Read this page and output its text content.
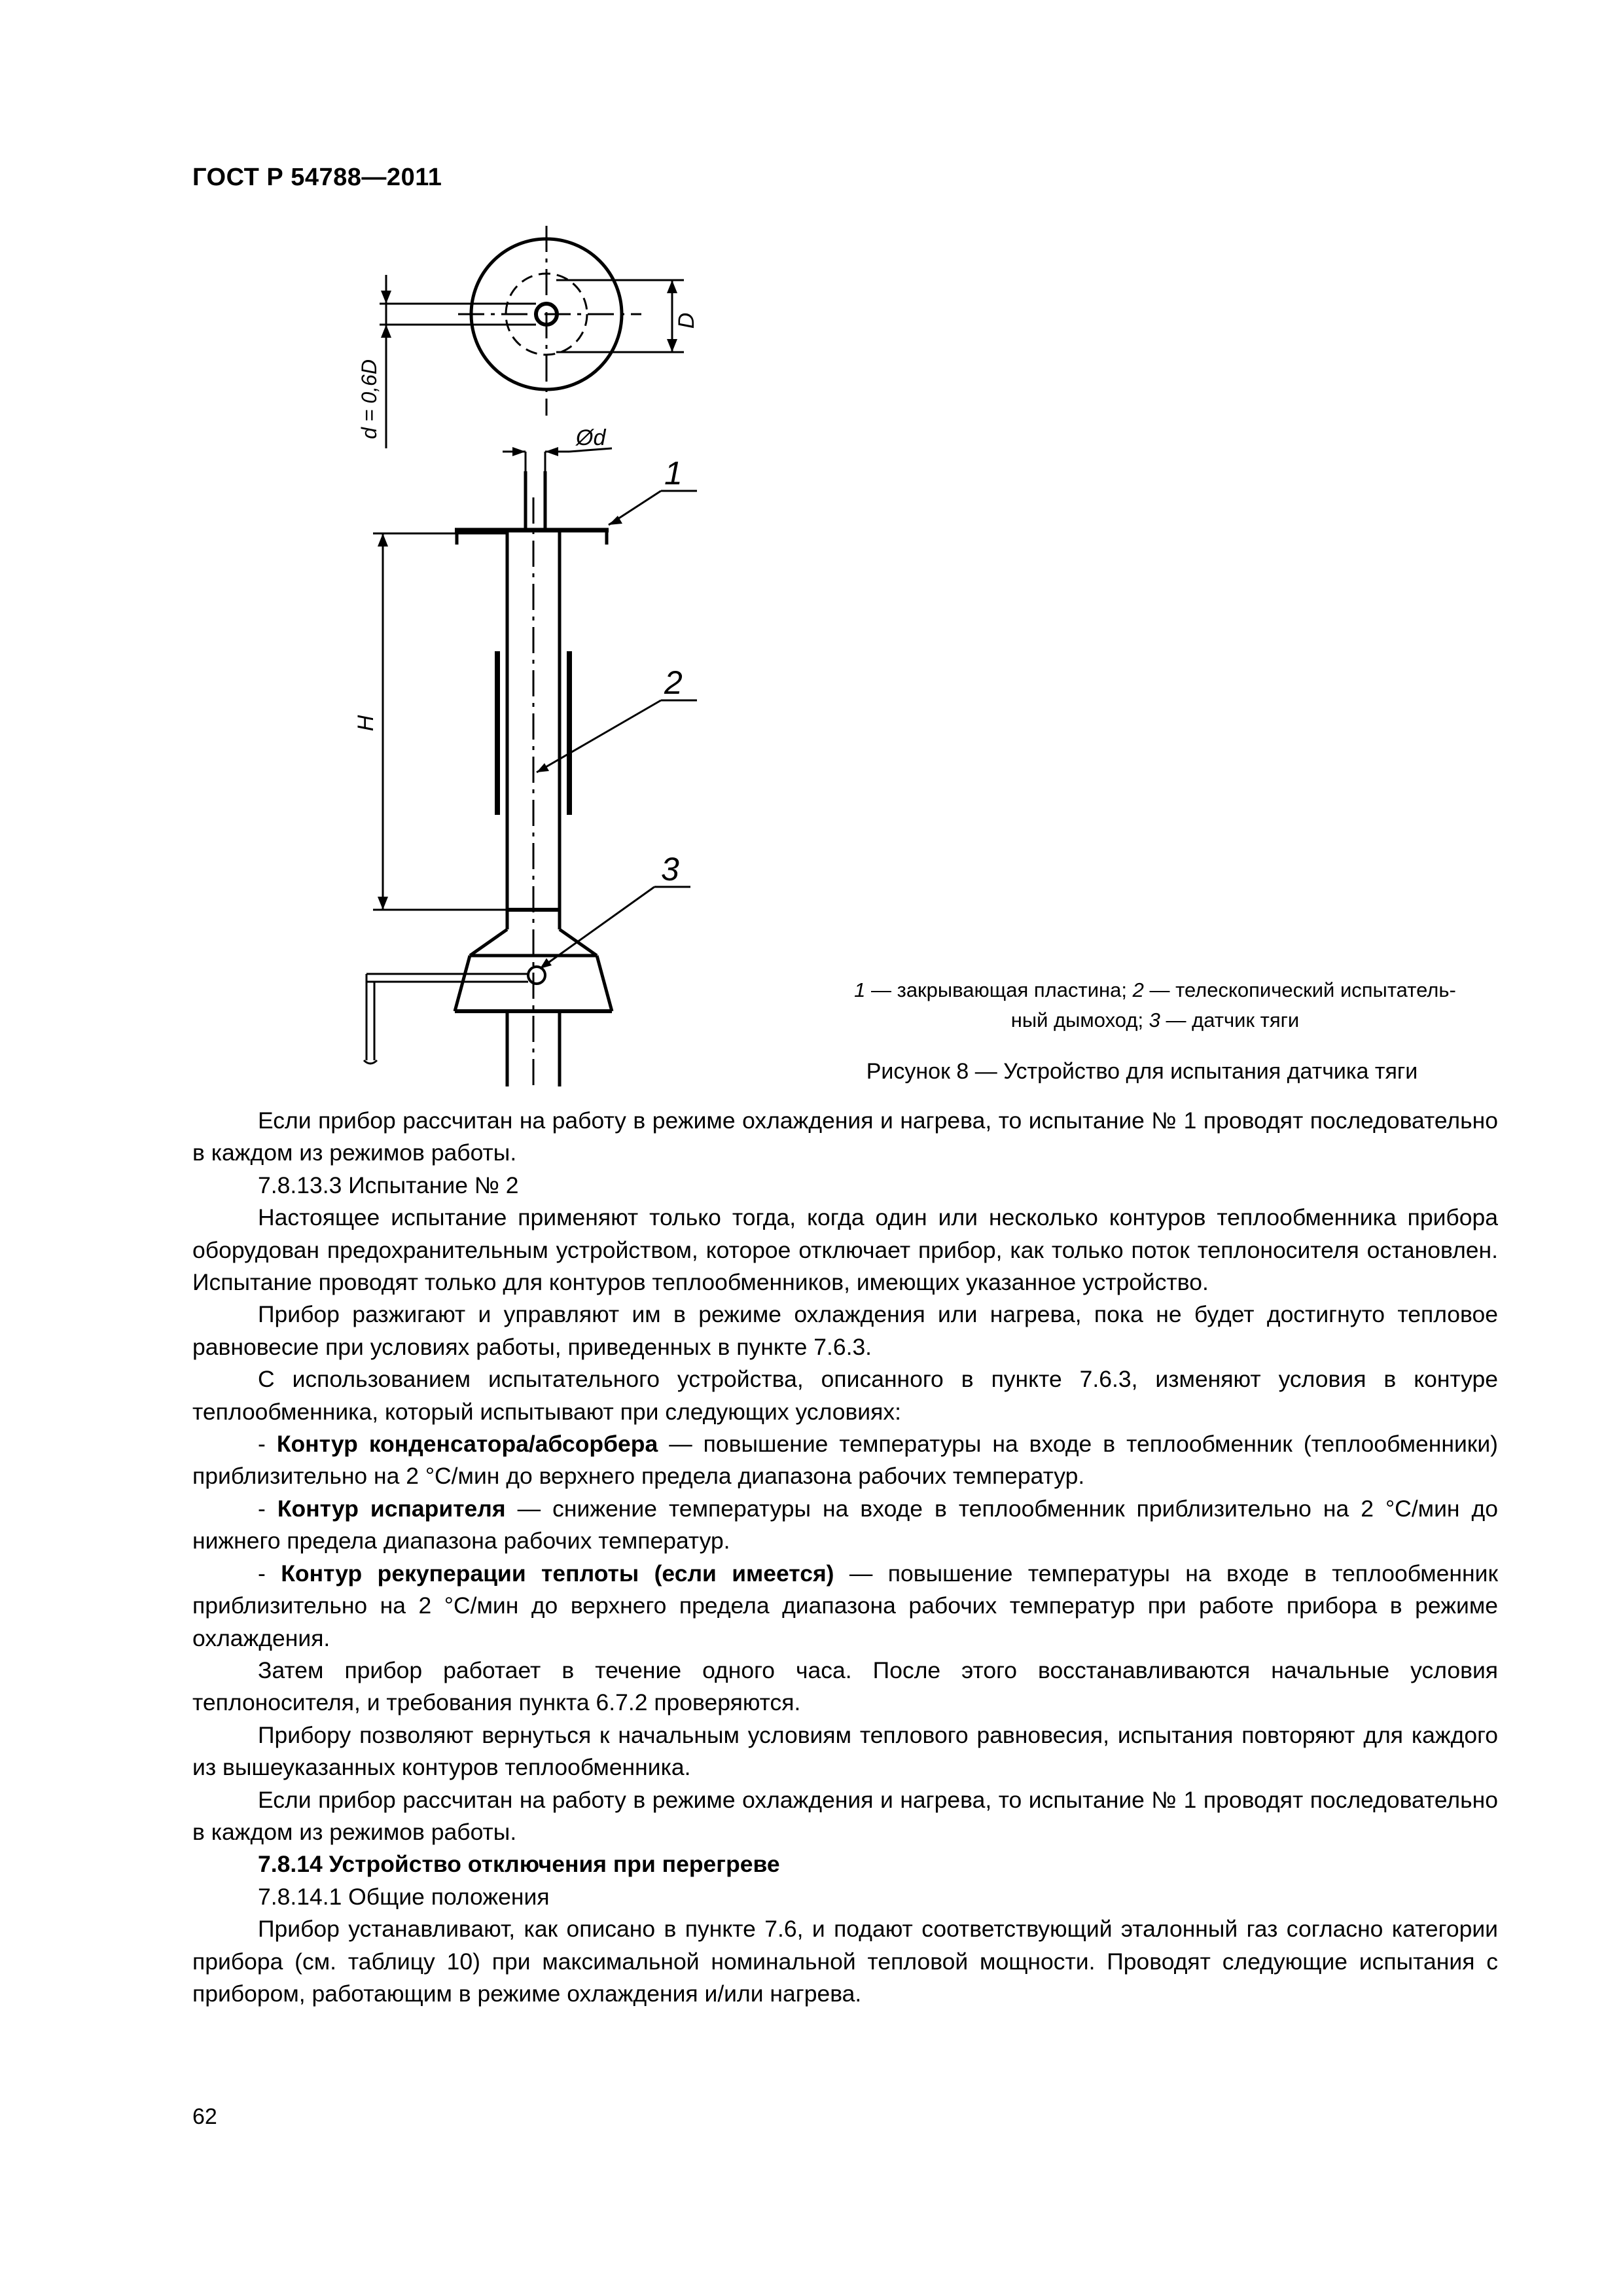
ГОСТ Р 54788—2011
d = 0,6D
D
Ød
H
1
2
3
1 — закрывающая пластина; 2 — телескопический испытатель-
ный дымоход; 3 — датчик тяги
Рисунок 8 — Устройство для испытания датчика тяги

Если прибор рассчитан на работу в режиме охлаждения и нагрева, то испытание № 1 проводят последовательно в каждом из режимов работы.

7.8.13.3 Испытание № 2

Настоящее испытание применяют только тогда, когда один или несколько контуров теплообменника прибора оборудован предохранительным устройством, которое отключает прибор, как только поток теплоносителя остановлен. Испытание проводят только для контуров теплообменников, имеющих указанное устройство.

Прибор разжигают и управляют им в режиме охлаждения или нагрева, пока не будет достигнуто тепловое равновесие при условиях работы, приведенных в пункте 7.6.3.

С использованием испытательного устройства, описанного в пункте 7.6.3, изменяют условия в контуре теплообменника, который испытывают при следующих условиях:

- Контур конденсатора/абсорбера — повышение температуры на входе в теплообменник (теплообменники) приблизительно на 2 °С/мин до верхнего предела диапазона рабочих температур.

- Контур испарителя — снижение температуры на входе в теплообменник приблизительно на 2 °С/мин до нижнего предела диапазона рабочих температур.

- Контур рекуперации теплоты (если имеется) — повышение температуры на входе в теплообменник приблизительно на 2 °С/мин до верхнего предела диапазона рабочих температур при работе прибора в режиме охлаждения.

Затем прибор работает в течение одного часа. После этого восстанавливаются начальные условия теплоносителя, и требования пункта 6.7.2 проверяются.

Прибору позволяют вернуться к начальным условиям теплового равновесия, испытания повторяют для каждого из вышеуказанных контуров теплообменника.

Если прибор рассчитан на работу в режиме охлаждения и нагрева, то испытание № 1 проводят последовательно в каждом из режимов работы.

7.8.14 Устройство отключения при перегреве

7.8.14.1 Общие положения

Прибор устанавливают, как описано в пункте 7.6, и подают соответствующий эталонный газ согласно категории прибора (см. таблицу 10) при максимальной номинальной тепловой мощности. Проводят следующие испытания с прибором, работающим в режиме охлаждения и/или нагрева.

62
